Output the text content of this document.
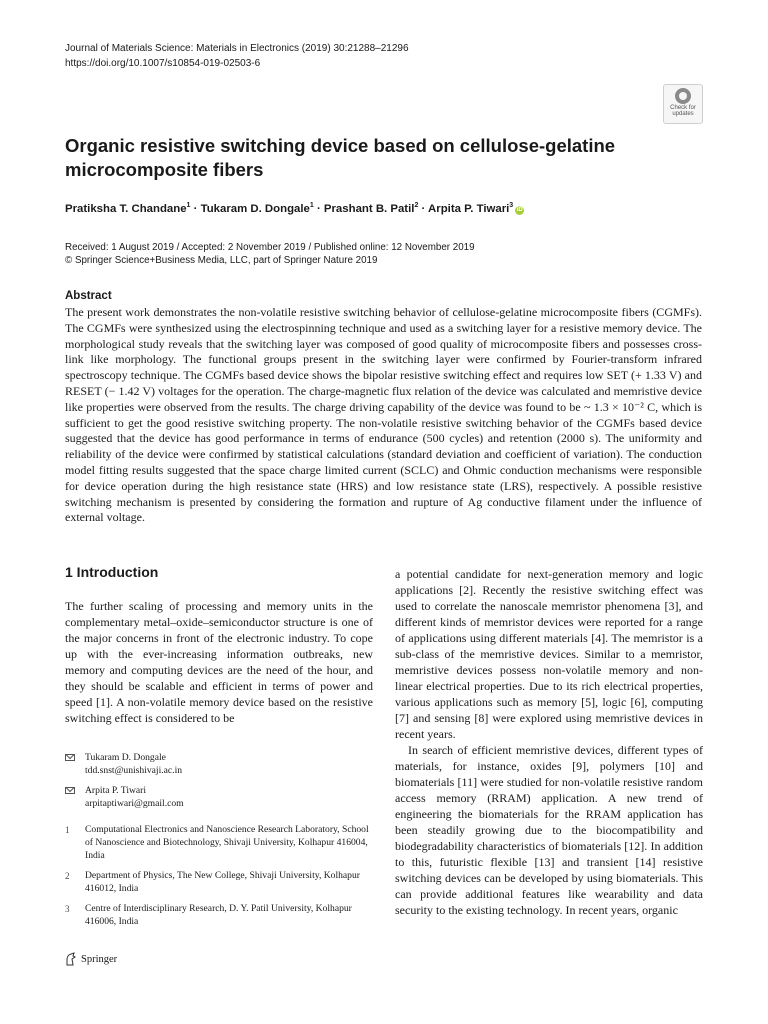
Journal of Materials Science: Materials in Electronics (2019) 30:21288–21296
https://doi.org/10.1007/s10854-019-02503-6
Check for updates
Organic resistive switching device based on cellulose-gelatine microcomposite fibers
Pratiksha T. Chandane$^1$ · Tukaram D. Dongale$^1$ · Prashant B. Patil$^2$ · Arpita P. Tiwari$^3$iD
Received: 1 August 2019 / Accepted: 2 November 2019 / Published online: 12 November 2019
© Springer Science+Business Media, LLC, part of Springer Nature 2019
Abstract
The present work demonstrates the non-volatile resistive switching behavior of cellulose-gelatine microcomposite fibers (CGMFs). The CGMFs were synthesized using the electrospinning technique and used as a switching layer for a resistive memory device. The morphological study reveals that the switching layer was composed of good quality of microcomposite fibers and possesses cross-link like morphology. The functional groups present in the switching layer were confirmed by Fourier-transform infrared spectroscopy technique. The CGMFs based device shows the bipolar resistive switching effect and requires low SET (+ 1.33 V) and RESET (− 1.42 V) voltages for the operation. The charge-magnetic flux relation of the device was calculated and memristive device like properties were observed from the results. The charge driving capability of the device was found to be ~ 1.3 × 10⁻² C, which is sufficient to get the good resistive switching property. The non-volatile resistive switching behavior of the CGMFs based device suggested that the device has good performance in terms of endurance (500 cycles) and retention (2000 s). The uniformity and reliability of the device were confirmed by statistical calculations (standard deviation and coefficient of variation). The conduction model fitting results suggested that the space charge limited current (SCLC) and Ohmic conduction mechanisms were responsible for device operation during the high resistance state (HRS) and low resistance state (LRS), respectively. A possible resistive switching mechanism is presented by considering the formation and rupture of Ag conductive filament under the influence of external voltage.
1 Introduction
The further scaling of processing and memory units in the complementary metal–oxide–semiconductor structure is one of the major concerns in front of the electronic industry. To cope up with the ever-increasing information outbreaks, new memory and computing devices are the need of the hour, and they should be scalable and efficient in terms of power and speed [1]. A non-volatile memory device based on the resistive switching effect is considered to be
Tukaram D. Dongale
tdd.snst@unishivaji.ac.in
Arpita P. Tiwari
arpitaptiwari@gmail.com
1 Computational Electronics and Nanoscience Research Laboratory, School of Nanoscience and Biotechnology, Shivaji University, Kolhapur 416004, India
2 Department of Physics, The New College, Shivaji University, Kolhapur 416012, India
3 Centre of Interdisciplinary Research, D. Y. Patil University, Kolhapur 416006, India

a potential candidate for next-generation memory and logic applications [2]. Recently the resistive switching effect was used to correlate the nanoscale memristor phenomena [3], and different kinds of memristor devices were reported for a range of applications using different materials [4]. The memristor is a sub-class of the memristive devices. Similar to a memristor, memristive devices possess non-volatile memory and non-linear electrical properties. Due to its rich electrical properties, various applications such as memory [5], logic [6], computing [7] and sensing [8] were explored using memristive devices in recent years.

In search of efficient memristive devices, different types of materials, for instance, oxides [9], polymers [10] and biomaterials [11] were studied for non-volatile resistive random access memory (RRAM) application. A new trend of engineering the biomaterials for the RRAM application has been steadily growing due to the biocompatibility and biodegradability characteristics of biomaterials [12]. In addition to this, futuristic flexible [13] and transient [14] resistive switching devices can be developed by using biomaterials. This can provide additional features like wearability and data security to the existing technology. In recent years, organic

Springer
